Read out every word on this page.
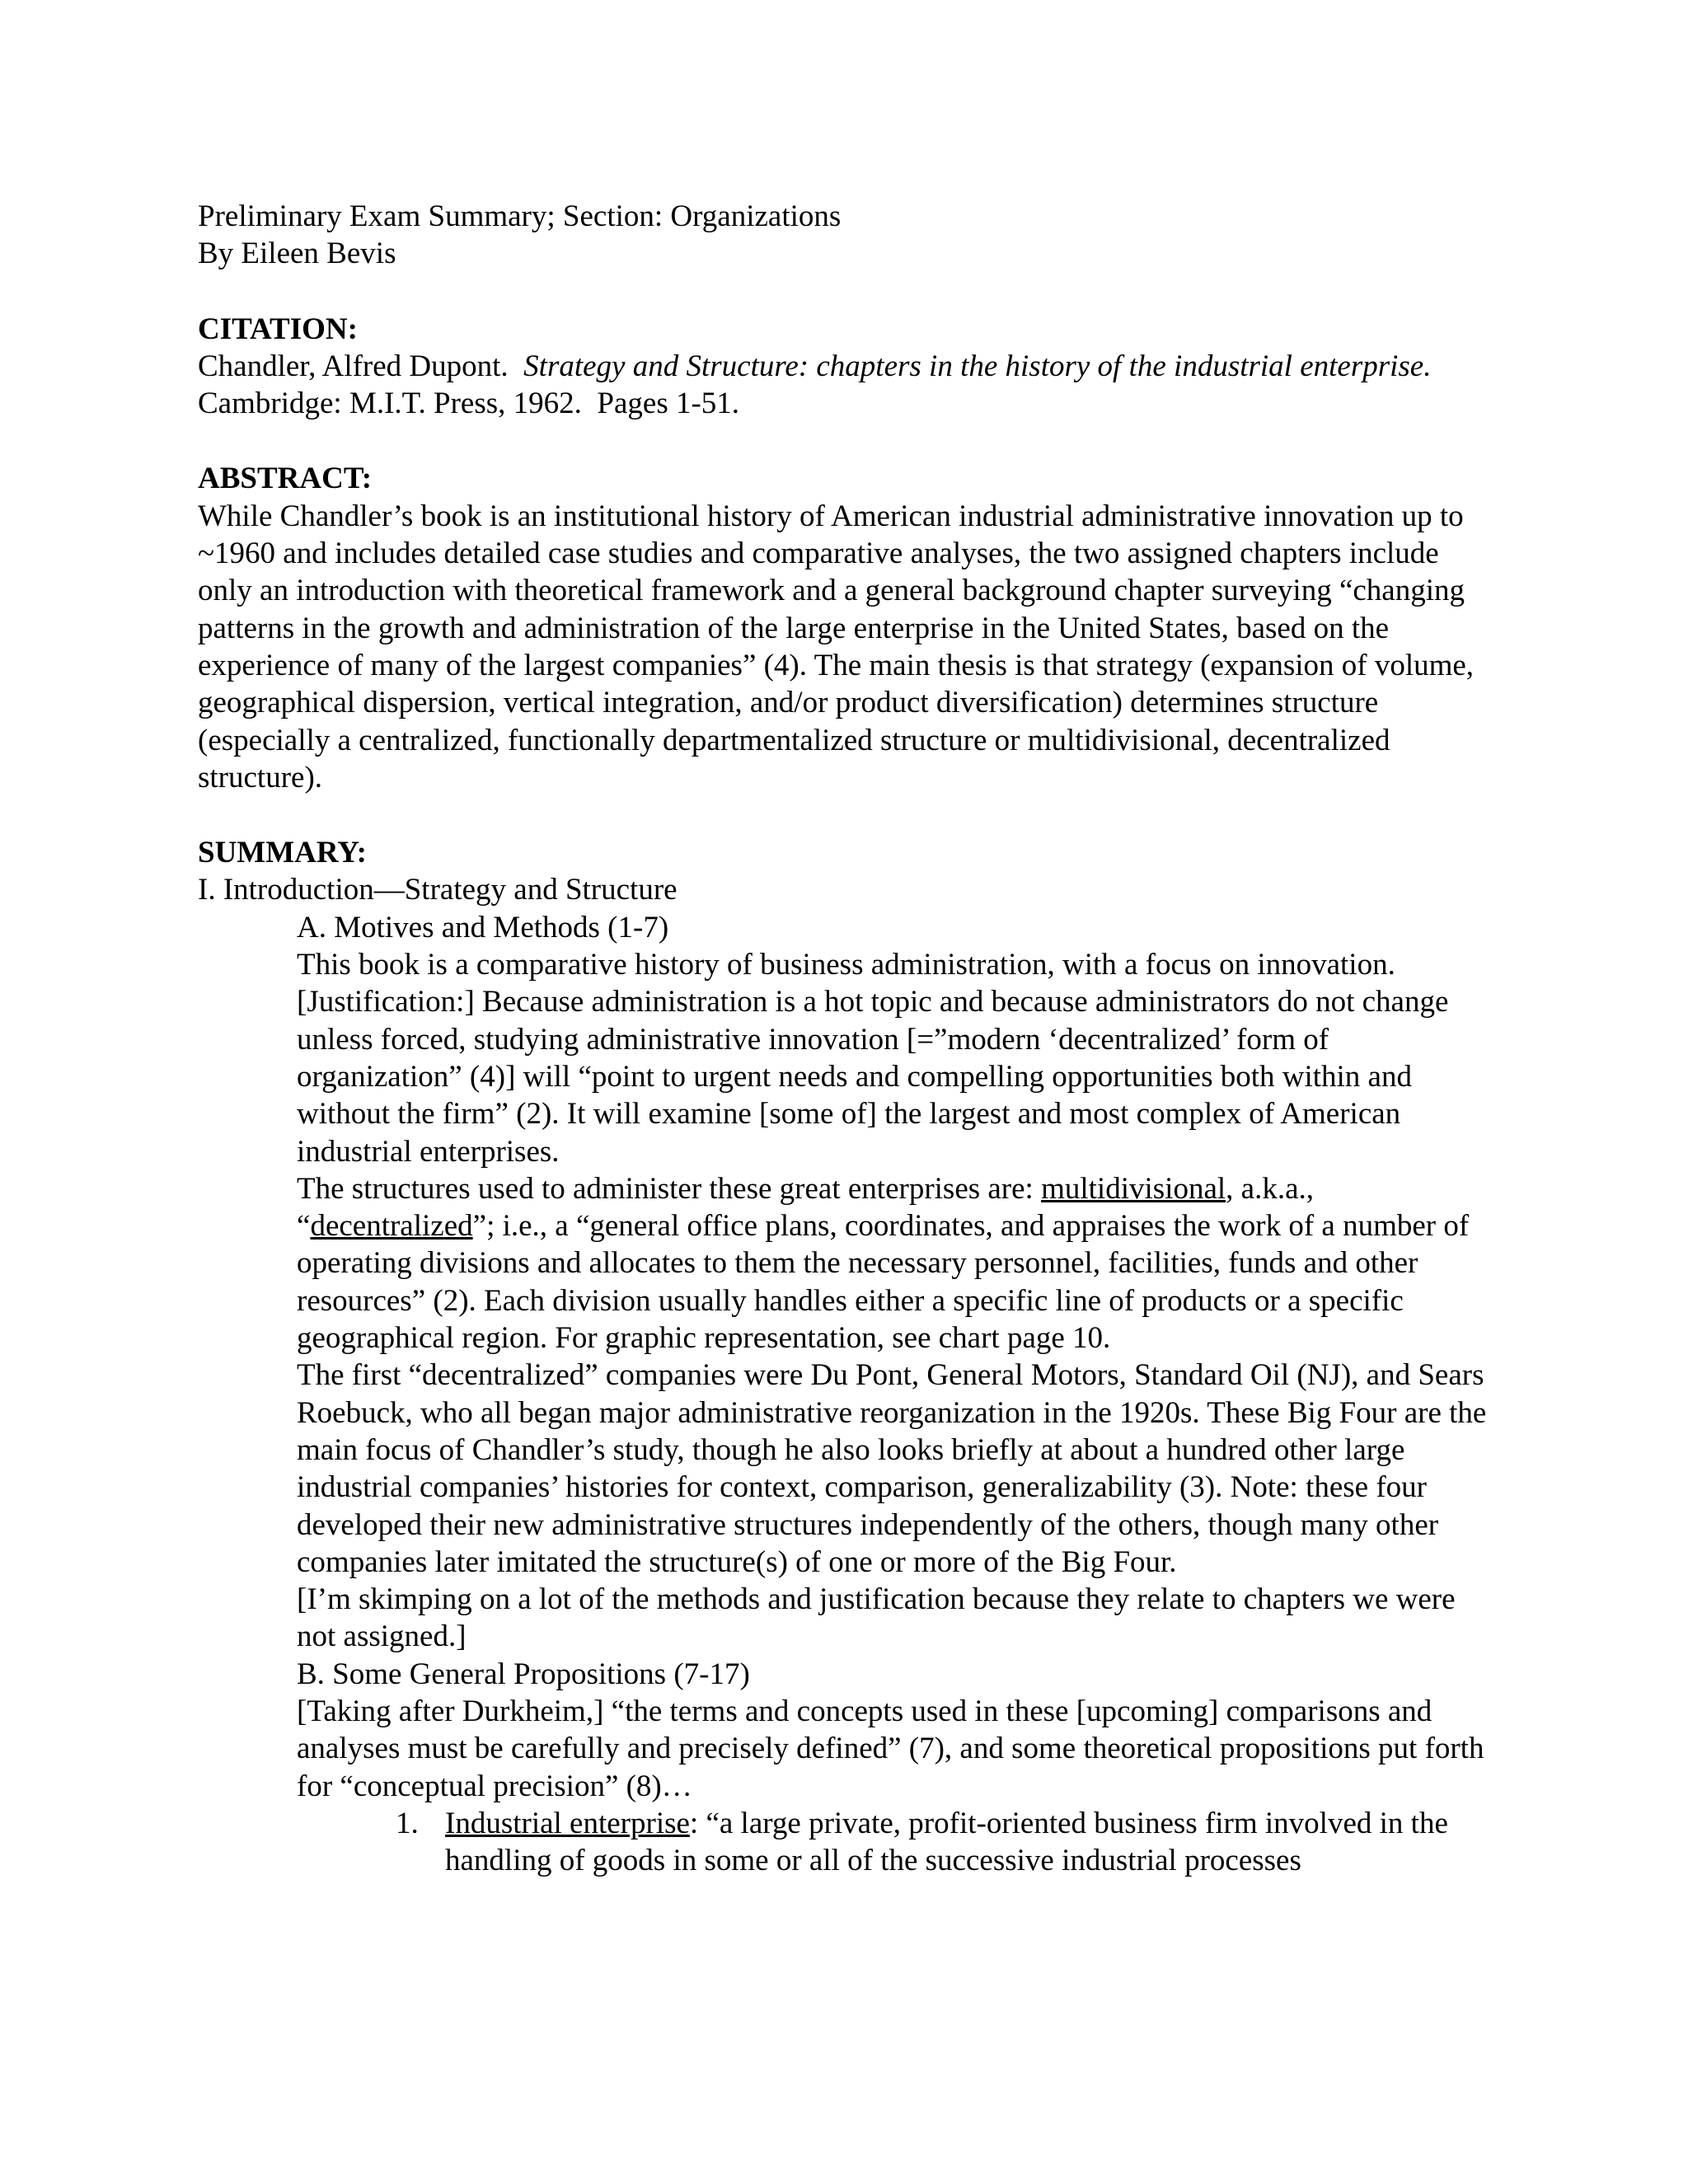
Preliminary Exam Summary; Section: Organizations

By Eileen Bevis

CITATION:

Chandler, Alfred Dupont. Strategy and Structure: chapters in the history of the industrial enterprise.  Cambridge: M.I.T. Press, 1962. Pages 1-51.

ABSTRACT:

While Chandler’s book is an institutional history of American industrial administrative innovation up to ~1960 and includes detailed case studies and comparative analyses, the two assigned chapters include only an introduction with theoretical framework and a general background chapter surveying “changing patterns in the growth and administration of the large enterprise in the United States, based on the experience of many of the largest companies” (4). The main thesis is that strategy (expansion of volume, geographical dispersion, vertical integration, and/or product diversification) determines structure (especially a centralized, functionally departmentalized structure or multidivisional, decentralized structure).

SUMMARY:

I. Introduction—Strategy and Structure

A. Motives and Methods (1-7)

This book is a comparative history of business administration, with a focus on innovation. [Justification:] Because administration is a hot topic and because administrators do not change unless forced, studying administrative innovation [=”modern ‘decentralized’ form of organization” (4)] will “point to urgent needs and compelling opportunities both within and without the firm” (2). It will examine [some of] the largest and most complex of American industrial enterprises.

The structures used to administer these great enterprises are: multidivisional, a.k.a., “decentralized”; i.e., a “general office plans, coordinates, and appraises the work of a number of operating divisions and allocates to them the necessary personnel, facilities, funds and other resources” (2). Each division usually handles either a specific line of products or a specific geographical region. For graphic representation, see chart page 10.

The first “decentralized” companies were Du Pont, General Motors, Standard Oil (NJ), and Sears Roebuck, who all began major administrative reorganization in the 1920s. These Big Four are the main focus of Chandler’s study, though he also looks briefly at about a hundred other large industrial companies’ histories for context, comparison, generalizability (3). Note: these four developed their new administrative structures independently of the others, though many other companies later imitated the structure(s) of one or more of the Big Four.

[I’m skimping on a lot of the methods and justification because they relate to chapters we were not assigned.]

B. Some General Propositions (7-17)

[Taking after Durkheim,] “the terms and concepts used in these [upcoming] comparisons and analyses must be carefully and precisely defined” (7), and some theoretical propositions put forth for “conceptual precision” (8)…

1. Industrial enterprise: “a large private, profit-oriented business firm involved in the handling of goods in some or all of the successive industrial processes
